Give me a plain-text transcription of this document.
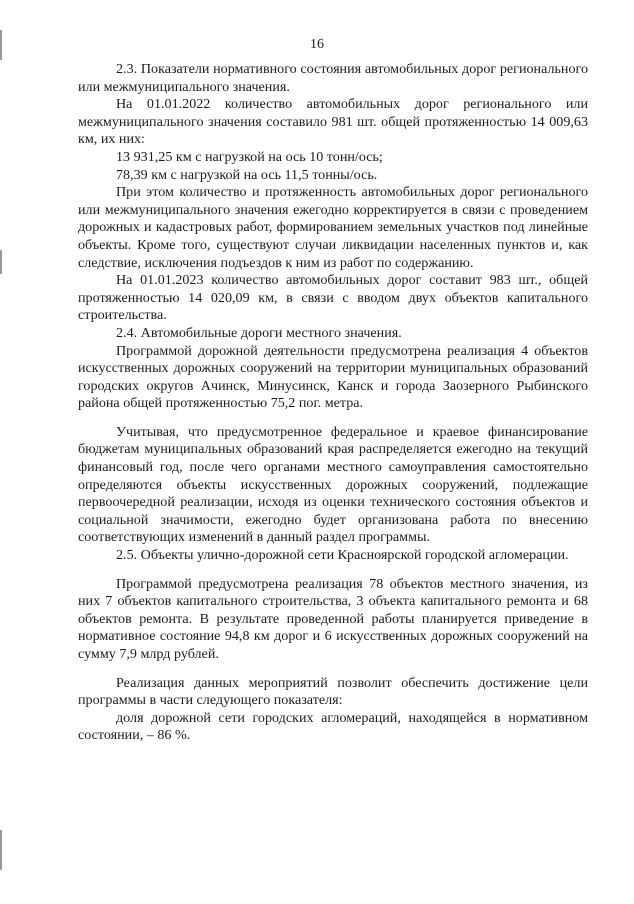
16

2.3. Показатели нормативного состояния автомобильных дорог регионального или межмуниципального значения.

На 01.01.2022 количество автомобильных дорог регионального или межмуниципального значения составило 981 шт. общей протяженностью 14 009,63 км, их них:

13 931,25 км с нагрузкой на ось 10 тонн/ось;

78,39 км с нагрузкой на ось 11,5 тонны/ось.

При этом количество и протяженность автомобильных дорог регионального или межмуниципального значения ежегодно корректируется в связи с проведением дорожных и кадастровых работ, формированием земельных участков под линейные объекты. Кроме того, существуют случаи ликвидации населенных пунктов и, как следствие, исключения подъездов к ним из работ по содержанию.

На 01.01.2023 количество автомобильных дорог составит 983 шт., общей протяженностью 14 020,09 км, в связи с вводом двух объектов капитального строительства.

2.4. Автомобильные дороги местного значения.

Программой дорожной деятельности предусмотрена реализация 4 объектов искусственных дорожных сооружений на территории муниципальных образований городских округов Ачинск, Минусинск, Канск и города Заозерного Рыбинского района общей протяженностью 75,2 пог. метра.

Учитывая, что предусмотренное федеральное и краевое финансирование бюджетам муниципальных образований края распределяется ежегодно на текущий финансовый год, после чего органами местного самоуправления самостоятельно определяются объекты искусственных дорожных сооружений, подлежащие первоочередной реализации, исходя из оценки технического состояния объектов и социальной значимости, ежегодно будет организована работа по внесению соответствующих изменений в данный раздел программы.

2.5. Объекты улично-дорожной сети Красноярской городской агломерации.

Программой предусмотрена реализация 78 объектов местного значения, из них 7 объектов капитального строительства, 3 объекта капитального ремонта и 68 объектов ремонта. В результате проведенной работы планируется приведение в нормативное состояние 94,8 км дорог и 6 искусственных дорожных сооружений на сумму 7,9 млрд рублей.

Реализация данных мероприятий позволит обеспечить достижение цели программы в части следующего показателя:

доля дорожной сети городских агломераций, находящейся в нормативном состоянии, – 86 %.
